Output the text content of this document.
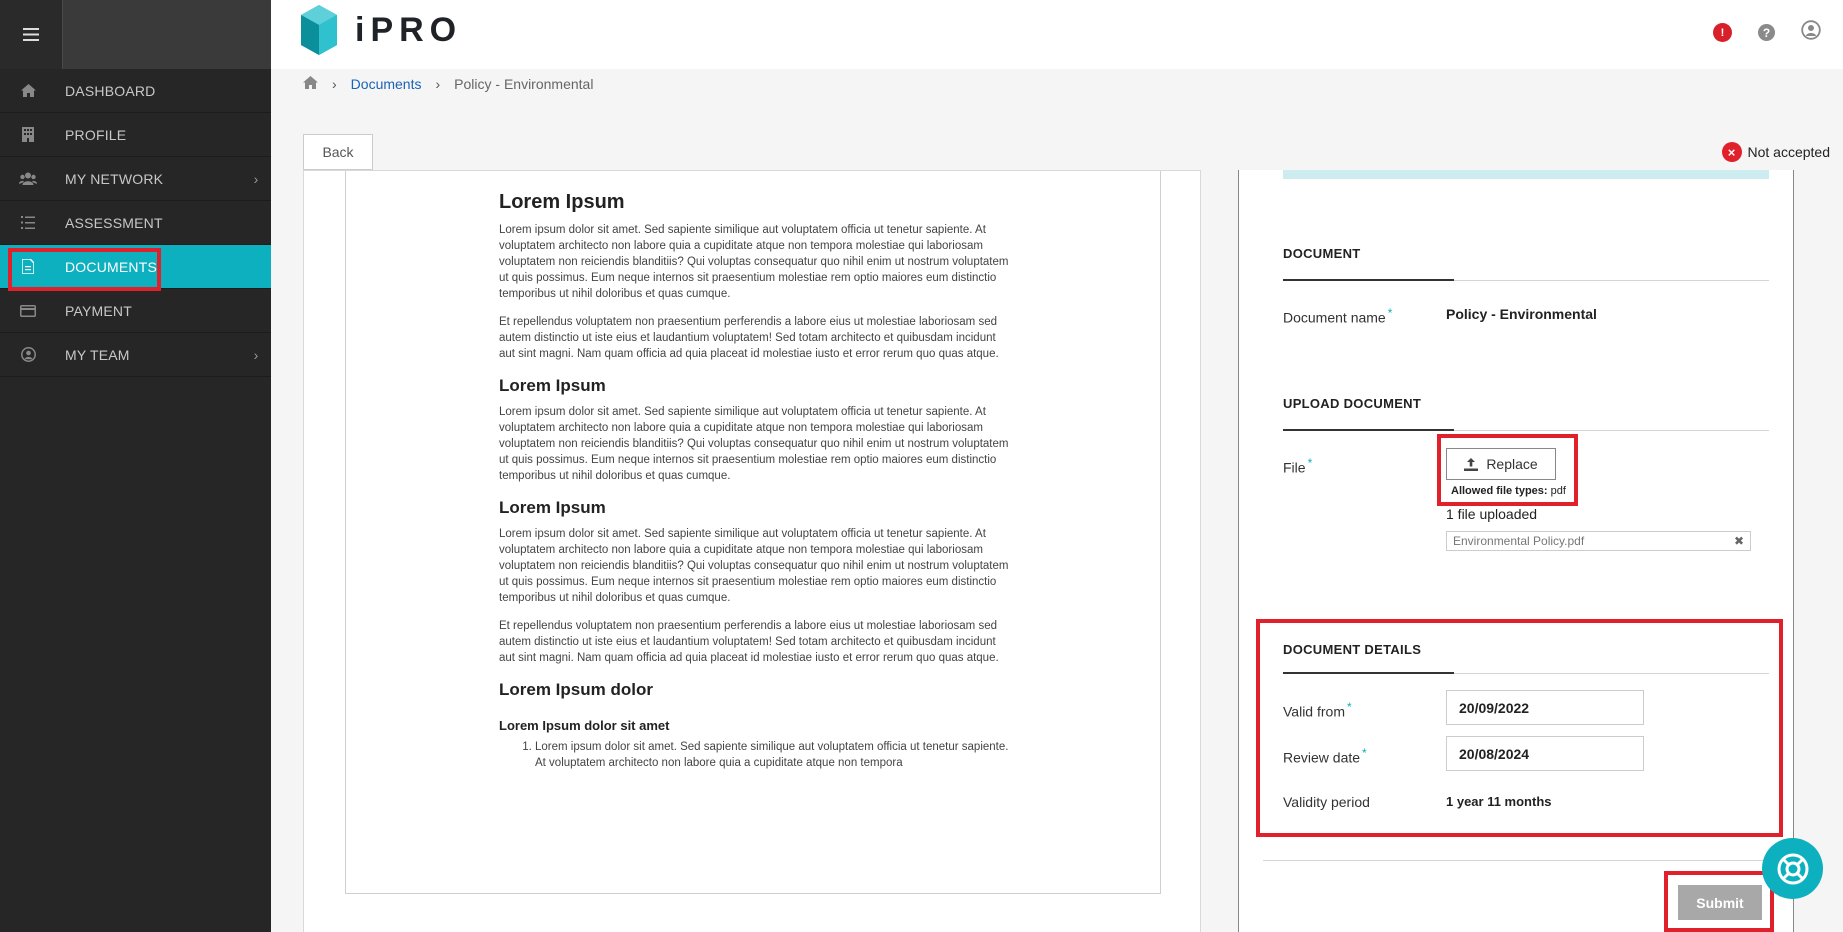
DASHBOARD
PROFILE
MY NETWORK	›
ASSESSMENT
DOCUMENTS
PAYMENT
MY TEAM	›
iPRO	!	?
› Documents › Policy - Environmental
Back	× Not accepted
Lorem Ipsum

Lorem ipsum dolor sit amet. Sed sapiente similique aut voluptatem officia ut tenetur sapiente. At voluptatem architecto non labore quia a cupiditate atque non tempora molestiae qui laboriosam voluptatem non reiciendis blanditiis? Qui voluptas consequatur quo nihil enim ut nostrum voluptatem ut quis possimus. Eum neque internos sit praesentium molestiae rem optio maiores eum distinctio temporibus ut nihil doloribus et quas cumque.

Et repellendus voluptatem non praesentium perferendis a labore eius ut molestiae laboriosam sed autem distinctio ut iste eius et laudantium voluptatem! Sed totam architecto et quibusdam incidunt aut sint magni. Nam quam officia ad quia placeat id molestiae iusto et error rerum quo quas atque.

Lorem Ipsum

Lorem ipsum dolor sit amet. Sed sapiente similique aut voluptatem officia ut tenetur sapiente. At voluptatem architecto non labore quia a cupiditate atque non tempora molestiae qui laboriosam voluptatem non reiciendis blanditiis? Qui voluptas consequatur quo nihil enim ut nostrum voluptatem ut quis possimus. Eum neque internos sit praesentium molestiae rem optio maiores eum distinctio temporibus ut nihil doloribus et quas cumque.

Lorem Ipsum

Lorem ipsum dolor sit amet. Sed sapiente similique aut voluptatem officia ut tenetur sapiente. At voluptatem architecto non labore quia a cupiditate atque non tempora molestiae qui laboriosam voluptatem non reiciendis blanditiis? Qui voluptas consequatur quo nihil enim ut nostrum voluptatem ut quis possimus. Eum neque internos sit praesentium molestiae rem optio maiores eum distinctio temporibus ut nihil doloribus et quas cumque.

Et repellendus voluptatem non praesentium perferendis a labore eius ut molestiae laboriosam sed autem distinctio ut iste eius et laudantium voluptatem! Sed totam architecto et quibusdam incidunt aut sint magni. Nam quam officia ad quia placeat id molestiae iusto et error rerum quo quas atque.

Lorem Ipsum dolor
Lorem Ipsum dolor sit amet
1. Lorem ipsum dolor sit amet. Sed sapiente similique aut voluptatem officia ut tenetur sapiente. At voluptatem architecto non labore quia a cupiditate atque non tempora
DOCUMENT
Document name *	Policy - Environmental
UPLOAD DOCUMENT
File *	Replace
Allowed file types: pdf
1 file uploaded
Environmental Policy.pdf	✖
DOCUMENT DETAILS
Valid from *	20/09/2022
Review date *	20/08/2024
Validity period	1 year 11 months
Submit
